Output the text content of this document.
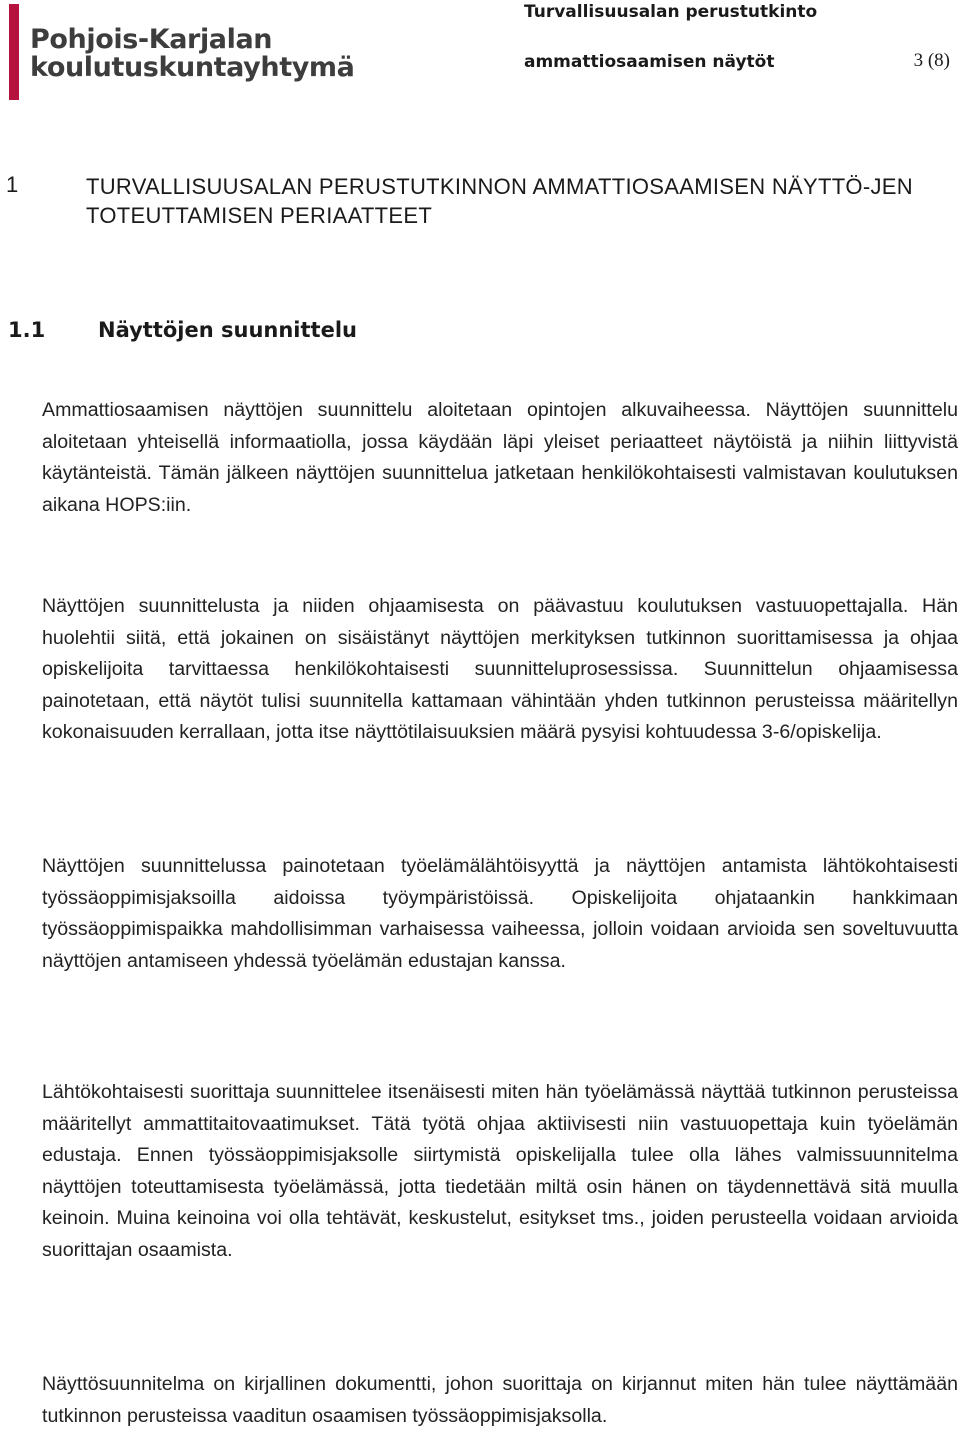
Pohjois-Karjalan
koulutuskuntayhtymä
Turvallisuusalan perustutkinto
ammattiosaamisen näytöt	3 (8)
1	TURVALLISUUSALAN PERUSTUTKINNON AMMATTIOSAAMISEN NÄYTTÖ-JEN TOTEUTTAMISEN PERIAATTEET
1.1	Näyttöjen suunnittelu

Ammattiosaamisen näyttöjen suunnittelu aloitetaan opintojen alkuvaiheessa. Näyttöjen suunnittelu aloitetaan yhteisellä informaatiolla, jossa käydään läpi yleiset periaatteet näytöistä ja niihin liittyvistä käytänteistä. Tämän jälkeen näyttöjen suunnittelua jatketaan henkilökohtaisesti valmistavan koulutuksen aikana HOPS:iin.

Näyttöjen suunnittelusta ja niiden ohjaamisesta on päävastuu koulutuksen vastuuopettajalla. Hän huolehtii siitä, että jokainen on sisäistänyt näyttöjen merkityksen tutkinnon suorittamisessa ja ohjaa opiskelijoita tarvittaessa henkilökohtaisesti suunnitteluprosessissa. Suunnittelun ohjaamisessa painotetaan, että näytöt tulisi suunnitella kattamaan vähintään yhden tutkinnon perusteissa määritellyn kokonaisuuden kerrallaan, jotta itse näyttötilaisuuksien määrä pysyisi kohtuudessa 3-6/opiskelija.

Näyttöjen suunnittelussa painotetaan työelämälähtöisyyttä ja näyttöjen antamista lähtökohtaisesti työssäoppimisjaksoilla aidoissa työympäristöissä. Opiskelijoita ohjataankin hankkimaan työssäoppimispaikka mahdollisimman varhaisessa vaiheessa, jolloin voidaan arvioida sen soveltuvuutta näyttöjen antamiseen yhdessä työelämän edustajan kanssa.

Lähtökohtaisesti suorittaja suunnittelee itsenäisesti miten hän työelämässä näyttää tutkinnon perusteissa määritellyt ammattitaitovaatimukset. Tätä työtä ohjaa aktiivisesti niin vastuuopettaja kuin työelämän edustaja. Ennen työssäoppimisjaksolle siirtymistä opiskelijalla tulee olla lähes valmissuunnitelma näyttöjen toteuttamisesta työelämässä, jotta tiedetään miltä osin hänen on täydennettävä sitä muulla keinoin. Muina keinoina voi olla tehtävät, keskustelut, esitykset tms., joiden perusteella voidaan arvioida suorittajan osaamista.

Näyttösuunnitelma on kirjallinen dokumentti, johon suorittaja on kirjannut miten hän tulee näyttämään tutkinnon perusteissa vaaditun osaamisen työssäoppimisjaksolla.
